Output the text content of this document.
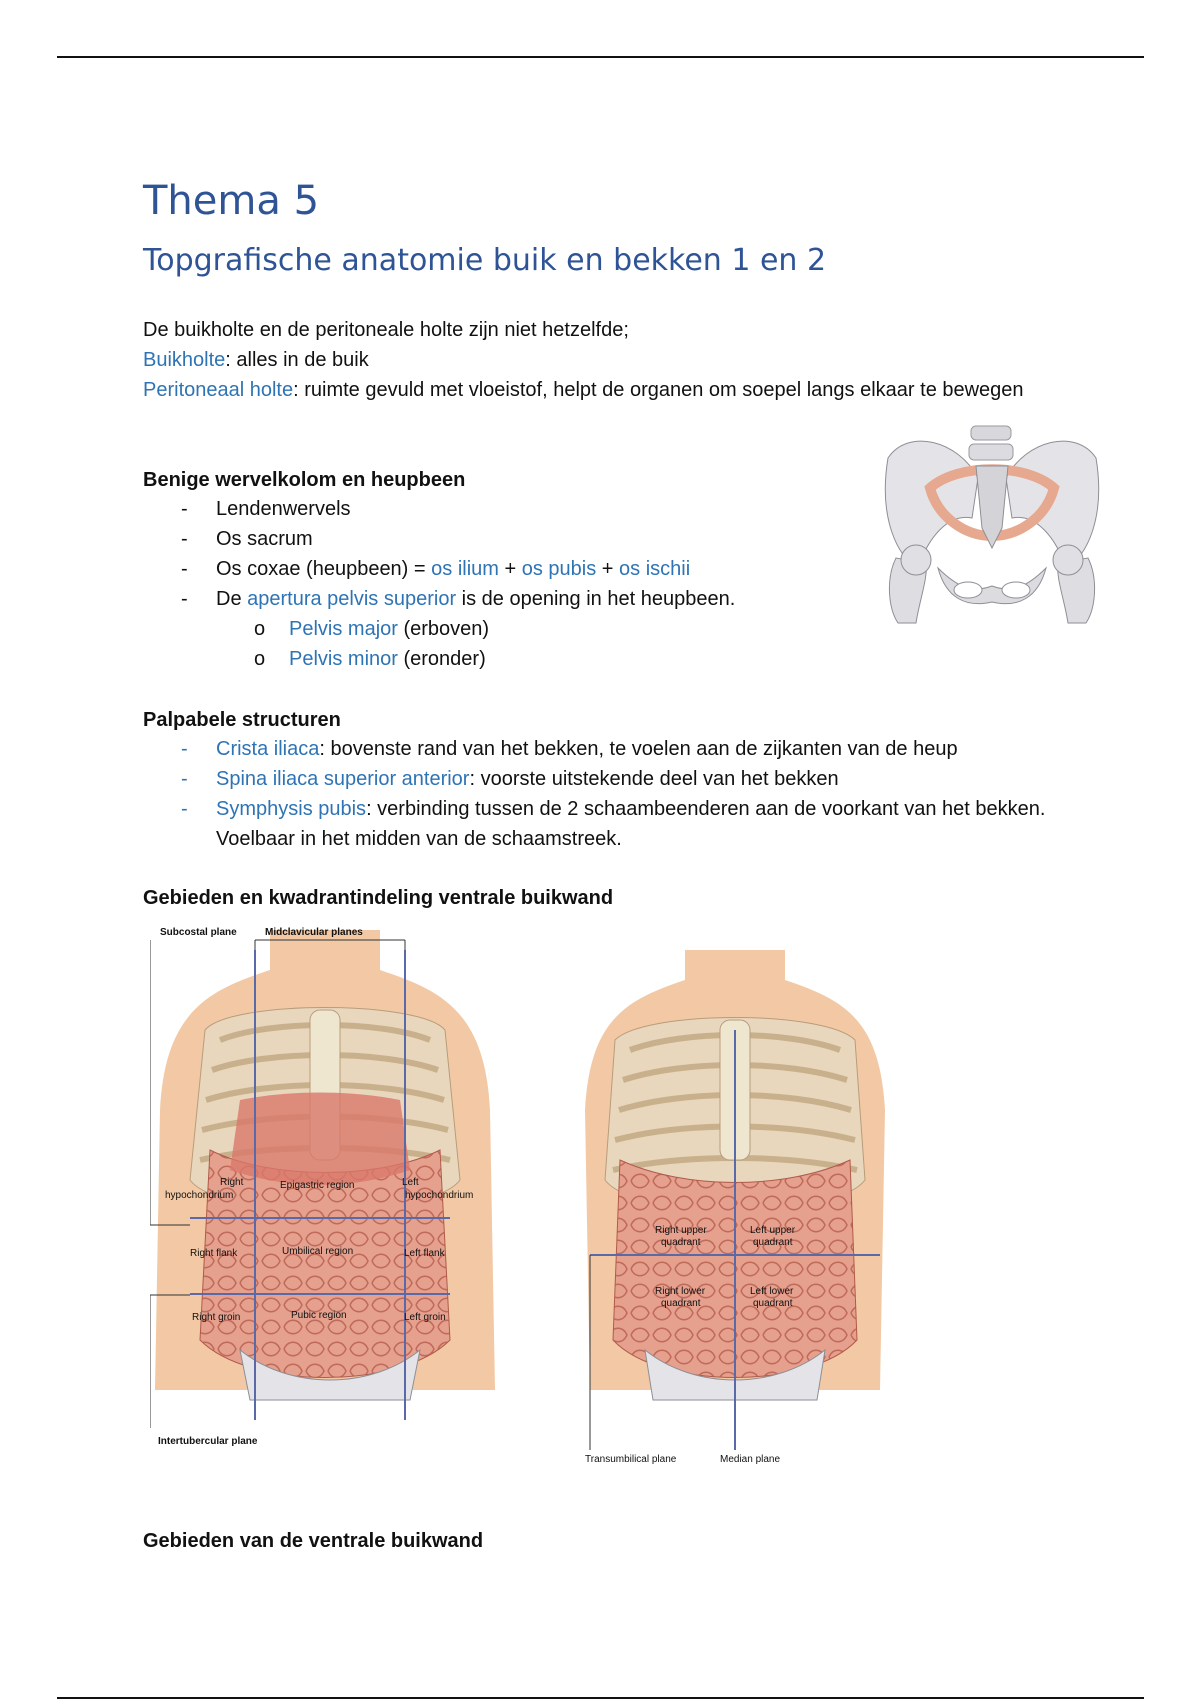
Thema 5
Topgrafische anatomie buik en bekken 1 en 2
De buikholte en de peritoneale holte zijn niet hetzelfde;
Buikholte: alles in de buik
Peritoneaal holte: ruimte gevuld met vloeistof, helpt de organen om soepel langs elkaar te bewegen
Benige wervelkolom en heupbeen
- Lendenwervels
- Os sacrum
- Os coxae (heupbeen) = os ilium + os pubis + os ischii
- De apertura pelvis superior is de opening in het heupbeen.
o Pelvis major (erboven)
o Pelvis minor (eronder)
Palpabele structuren
- Crista iliaca: bovenste rand van het bekken, te voelen aan de zijkanten van de heup
- Spina iliaca superior anterior: voorste uitstekende deel van het bekken
- Symphysis pubis: verbinding tussen de 2 schaambeenderen aan de voorkant van het bekken. Voelbaar in het midden van de schaamstreek.
Gebieden en kwadrantindeling ventrale buikwand
Subcostal plane	Midclavicular planes
Right
hypochondrium
Epigastric region	Left
hypochondrium
Right flank	Umbilical region	Left flank
Right groin	Pubic region	Left groin
Intertubercular plane
Right upper
quadrant
Left upper
quadrant
Right lower
quadrant
Left lower
quadrant
Transumbilical plane	Median plane
Gebieden van de ventrale buikwand
